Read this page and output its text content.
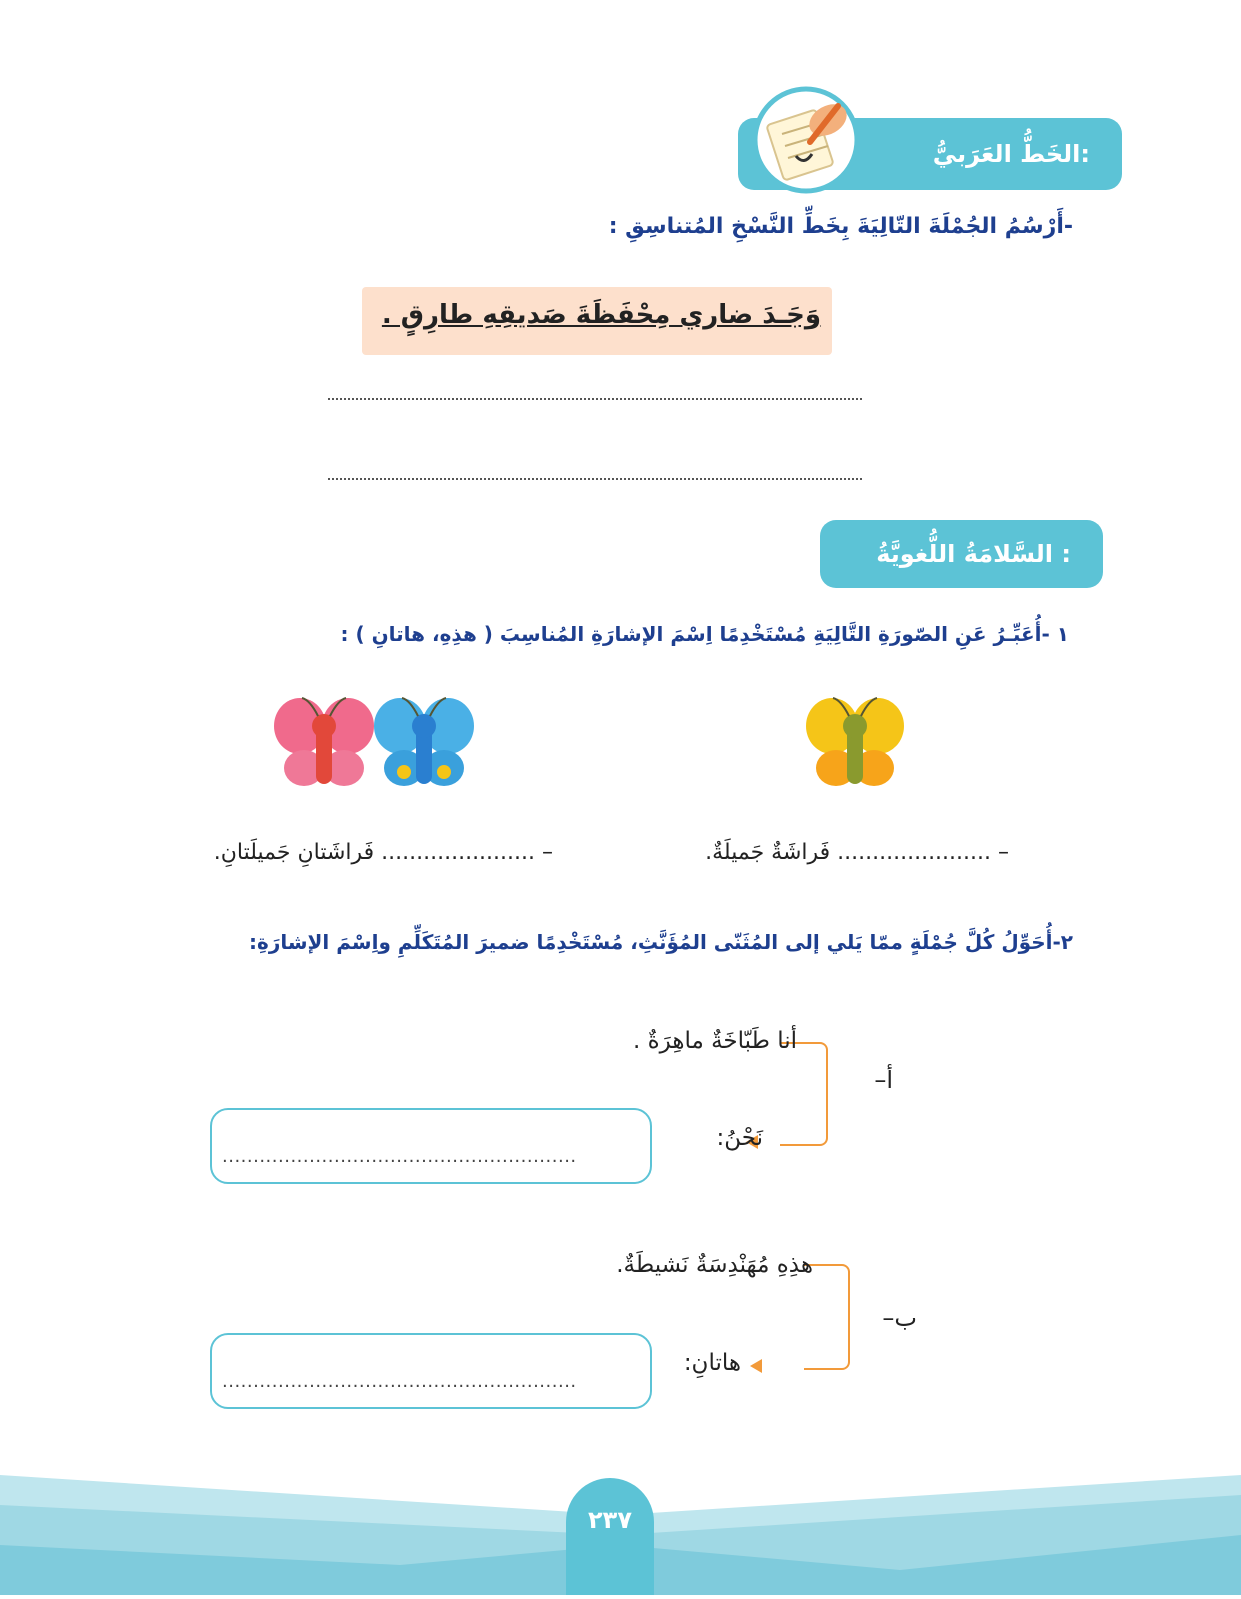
الخَطُّ العَرَبيُّ:
-أَرْسُمُ الجُمْلَةَ التّالِيَةَ بِخَطِّ النَّسْخِ المُتناسِقِ :
وَجَـدَ ضاري مِحْفَظَةَ صَديقِهِ طارِقٍ .
السَّلامَةُ اللُّغويَّةُ :
١ -أُعَبِّـرُ عَنِ الصّورَةِ التَّالِيَةِ مُسْتَخْدِمًا اِسْمَ الإشارَةِ المُناسِبَ ( هذِهِ، هاتانِ ) :
– ...................... فَراشَتانِ جَميلَتانِ.	– ...................... فَراشَةٌ جَميلَةٌ.
٢-أُحَوِّلُ كُلَّ جُمْلَةٍ ممّا يَلي إلى المُثَنّى المُؤَنَّثِ، مُسْتَخْدِمًا ضميرَ المُتَكَلِّمِ واِسْمَ الإشارَةِ:
أ–
أنا طَبّاخَةٌ ماهِرَةٌ .
نَحْنُ:
.........................................................
ب–
هذِهِ مُهَنْدِسَةٌ نَشيطَةٌ.
هاتانِ:
.........................................................
٢٣٧
